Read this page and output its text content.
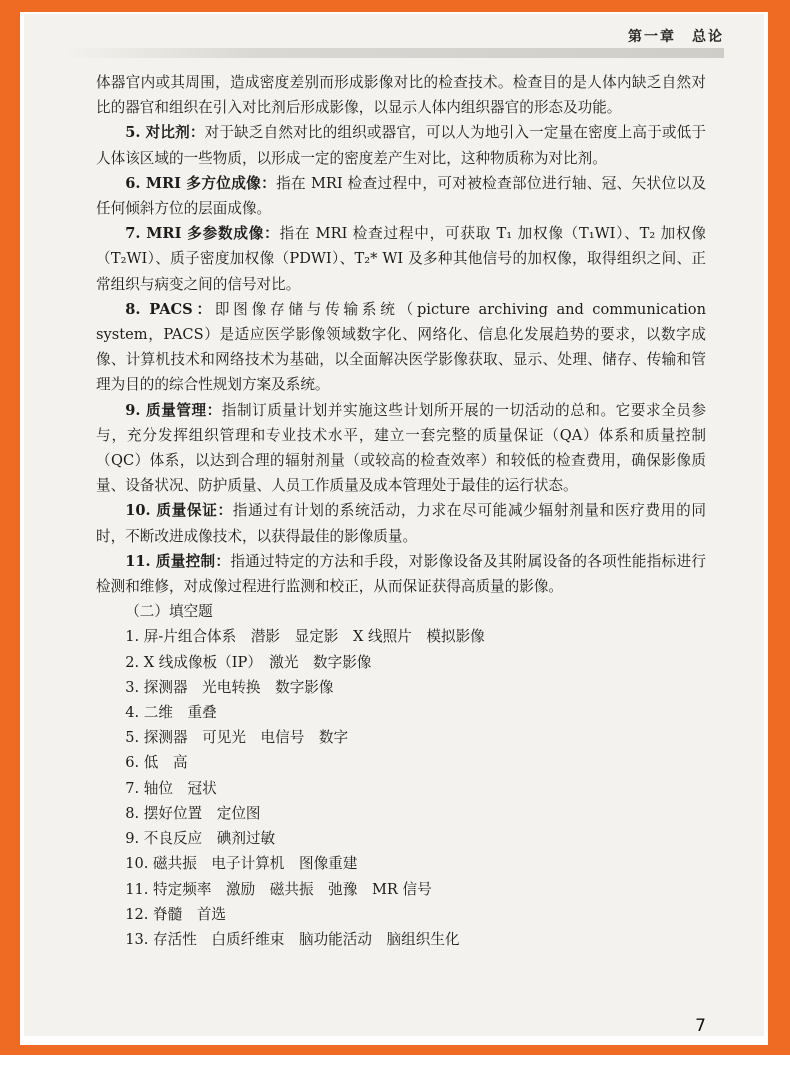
第一章　总论

体器官内或其周围，造成密度差别而形成影像对比的检查技术。检查目的是人体内缺乏自然对比的器官和组织在引入对比剂后形成影像，以显示人体内组织器官的形态及功能。

5. 对比剂：对于缺乏自然对比的组织或器官，可以人为地引入一定量在密度上高于或低于人体该区域的一些物质，以形成一定的密度差产生对比，这种物质称为对比剂。

6. MRI 多方位成像：指在 MRI 检查过程中，可对被检查部位进行轴、冠、矢状位以及任何倾斜方位的层面成像。

7. MRI 多参数成像：指在 MRI 检查过程中，可获取 T₁ 加权像（T₁WI）、T₂ 加权像（T₂WI）、质子密度加权像（PDWI）、T₂* WI 及多种其他信号的加权像，取得组织之间、正常组织与病变之间的信号对比。

8. PACS：即图像存储与传输系统（picture archiving and communication system，PACS）是适应医学影像领域数字化、网络化、信息化发展趋势的要求，以数字成像、计算机技术和网络技术为基础，以全面解决医学影像获取、显示、处理、储存、传输和管理为目的的综合性规划方案及系统。

9. 质量管理：指制订质量计划并实施这些计划所开展的一切活动的总和。它要求全员参与，充分发挥组织管理和专业技术水平，建立一套完整的质量保证（QA）体系和质量控制（QC）体系，以达到合理的辐射剂量（或较高的检查效率）和较低的检查费用，确保影像质量、设备状况、防护质量、人员工作质量及成本管理处于最佳的运行状态。

10. 质量保证：指通过有计划的系统活动，力求在尽可能减少辐射剂量和医疗费用的同时，不断改进成像技术，以获得最佳的影像质量。

11. 质量控制：指通过特定的方法和手段，对影像设备及其附属设备的各项性能指标进行检测和维修，对成像过程进行监测和校正，从而保证获得高质量的影像。

（二）填空题

1. 屏-片组合体系　潜影　显定影　X 线照片　模拟影像

2. X 线成像板（IP）　激光　数字影像

3. 探测器　光电转换　数字影像

4. 二维　重叠

5. 探测器　可见光　电信号　数字

6. 低　高

7. 轴位　冠状

8. 摆好位置　定位图

9. 不良反应　碘剂过敏

10. 磁共振　电子计算机　图像重建

11. 特定频率　激励　磁共振　弛豫　MR 信号

12. 脊髓　首选

13. 存活性　白质纤维束　脑功能活动　脑组织生化

7
